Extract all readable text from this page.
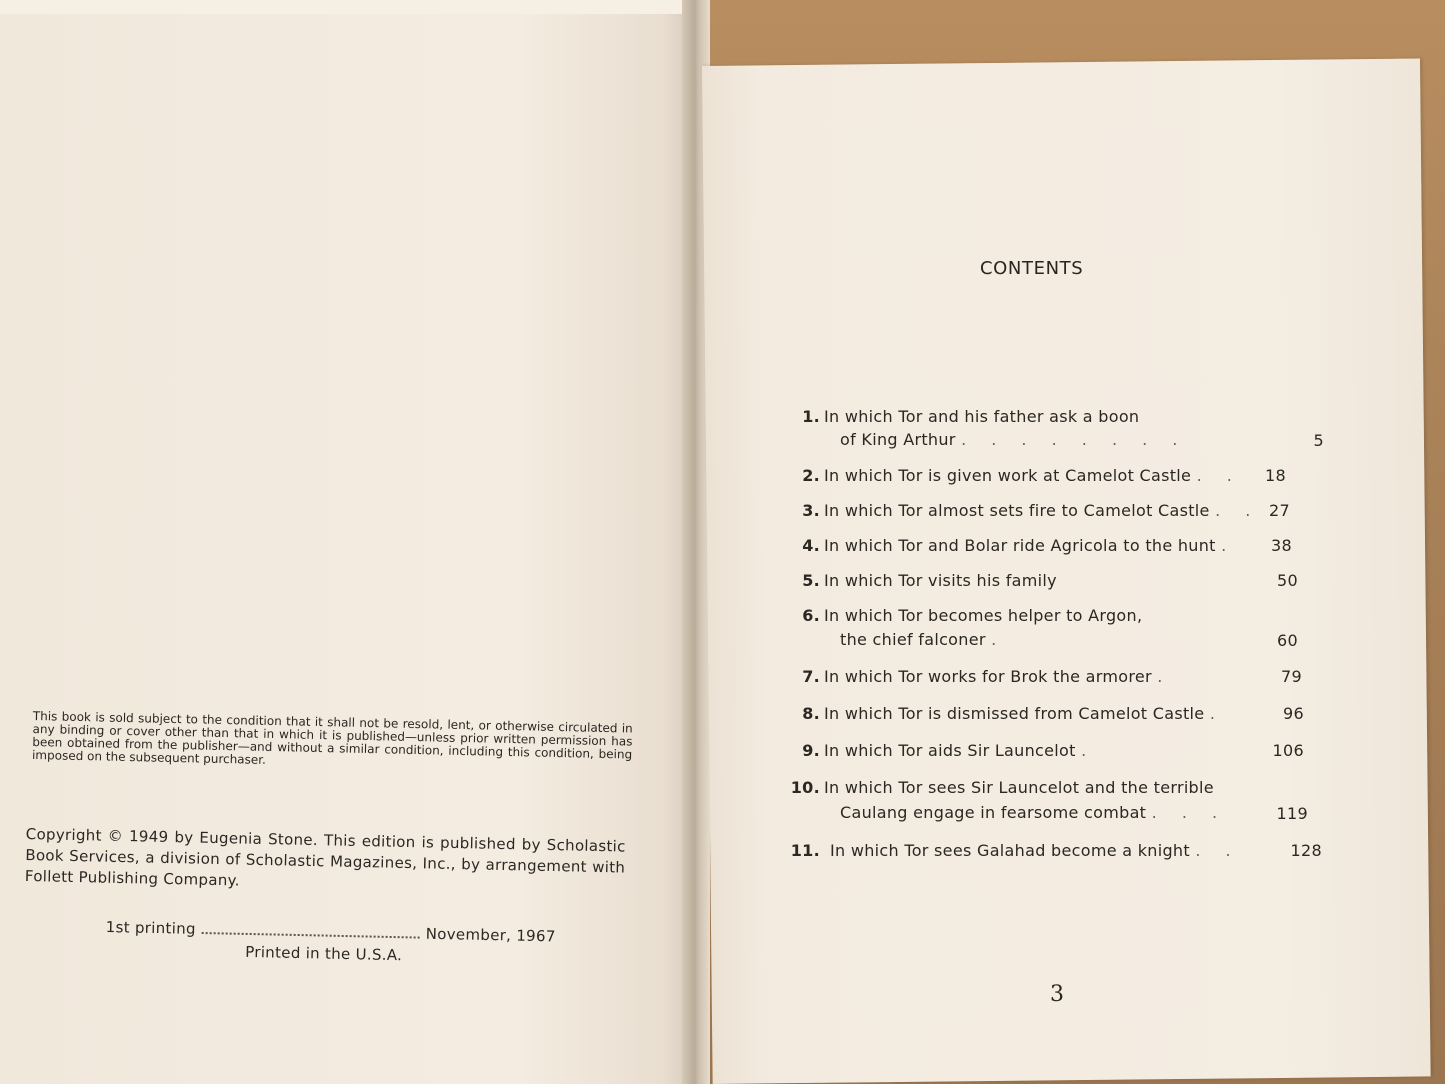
This book is sold subject to the condition that it shall not be resold, lent, or otherwise circulated in any binding or cover other than that in which it is published—unless prior written permission has been obtained from the publisher—and without a similar condition, including this condition, being imposed on the subsequent purchaser.
Copyright © 1949 by Eugenia Stone. This edition is published by Scholastic Book Services, a division of Scholastic Magazines, Inc., by arrangement with Follett Publishing Company.
1st printing	November, 1967
Printed in the U.S.A.
CONTENTS
1. In which Tor and his father ask a boon
of King Arthur . . . . . . . .	5
2. In which Tor is given work at Camelot Castle . . 18
3. In which Tor almost sets fire to Camelot Castle . . 27
4. In which Tor and Bolar ride Agricola to the hunt . 38
5. In which Tor visits his family	50
6. In which Tor becomes helper to Argon,
the chief falconer .	60
7. In which Tor works for Brok the armorer .	79
8. In which Tor is dismissed from Camelot Castle .	96
9. In which Tor aids Sir Launcelot .	106
10. In which Tor sees Sir Launcelot and the terrible
Caulang engage in fearsome combat . . .	119
11. In which Tor sees Galahad become a knight . .	128
3
